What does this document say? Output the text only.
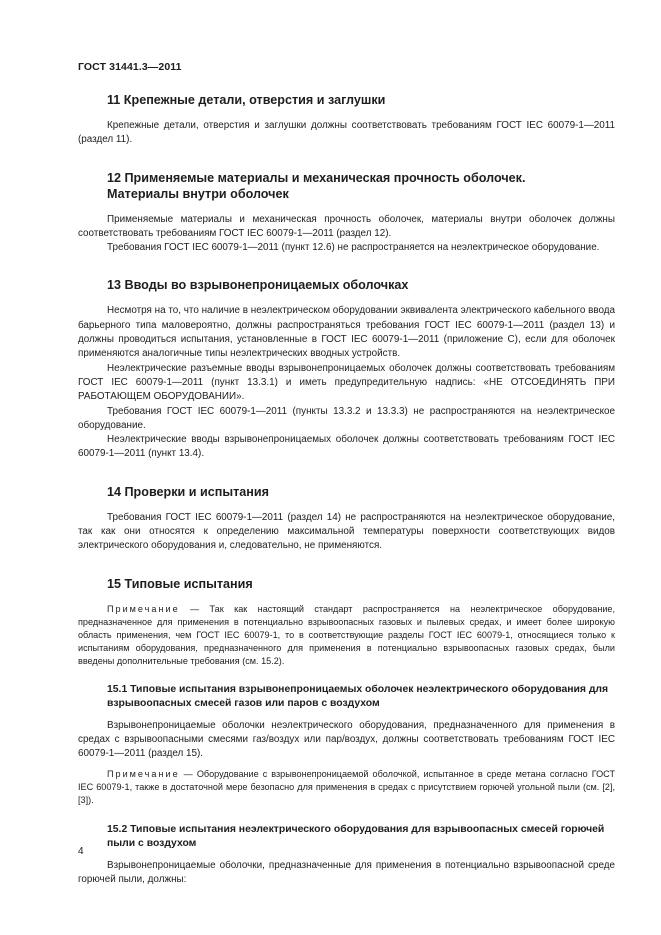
ГОСТ 31441.3—2011
11 Крепежные детали, отверстия и заглушки

Крепежные детали, отверстия и заглушки должны соответствовать требованиям ГОСТ IEC 60079-1—2011 (раздел 11).

12 Применяемые материалы и механическая прочность оболочек. Материалы внутри оболочек

Применяемые материалы и механическая прочность оболочек, материалы внутри оболочек должны соответствовать требованиям ГОСТ IEC 60079-1—2011 (раздел 12).

Требования ГОСТ IEC 60079-1—2011 (пункт 12.6) не распространяется на неэлектрическое оборудование.

13 Вводы во взрывонепроницаемых оболочках

Несмотря на то, что наличие в неэлектрическом оборудовании эквивалента электрического кабельного ввода барьерного типа маловероятно, должны распространяться требования ГОСТ IEC 60079-1—2011 (раздел 13) и должны проводиться испытания, установленные в ГОСТ IEC 60079-1—2011 (приложение С), если для оболочек применяются аналогичные типы неэлектрических вводных устройств.

Неэлектрические разъемные вводы взрывонепроницаемых оболочек должны соответствовать требованиям ГОСТ IEC 60079-1—2011 (пункт 13.3.1) и иметь предупредительную надпись: «НЕ ОТСОЕДИНЯТЬ ПРИ РАБОТАЮЩЕМ ОБОРУДОВАНИИ».

Требования ГОСТ IEC 60079-1—2011 (пункты 13.3.2 и 13.3.3) не распространяются на неэлектрическое оборудование.

Неэлектрические вводы взрывонепроницаемых оболочек должны соответствовать требованиям ГОСТ IEC 60079-1—2011 (пункт 13.4).

14 Проверки и испытания

Требования ГОСТ IEC 60079-1—2011 (раздел 14) не распространяются на неэлектрическое оборудование, так как они относятся к определению максимальной температуры поверхности соответствующих видов электрического оборудования и, следовательно, не применяются.

15 Типовые испытания

Примечание — Так как настоящий стандарт распространяется на неэлектрическое оборудование, предназначенное для применения в потенциально взрывоопасных газовых и пылевых средах, и имеет более широкую область применения, чем ГОСТ IEC 60079-1, то в соответствующие разделы ГОСТ IEC 60079-1, относящиеся только к испытаниям оборудования, предназначенного для применения в потенциально взрывоопасных газовых средах, были введены дополнительные требования (см. 15.2).

15.1 Типовые испытания взрывонепроницаемых оболочек неэлектрического оборудования для взрывоопасных смесей газов или паров с воздухом

Взрывонепроницаемые оболочки неэлектрического оборудования, предназначенного для применения в средах с взрывоопасными смесями газ/воздух или пар/воздух, должны соответствовать требованиям ГОСТ IEC 60079-1—2011 (раздел 15).

Примечание — Оборудование с взрывонепроницаемой оболочкой, испытанное в среде метана согласно ГОСТ IEC 60079-1, также в достаточной мере безопасно для применения в средах с присутствием горючей угольной пыли (см. [2], [3]).

15.2 Типовые испытания неэлектрического оборудования для взрывоопасных смесей горючей пыли с воздухом

Взрывонепроницаемые оболочки, предназначенные для применения в потенциально взрывоопасной среде горючей пыли, должны:

4
